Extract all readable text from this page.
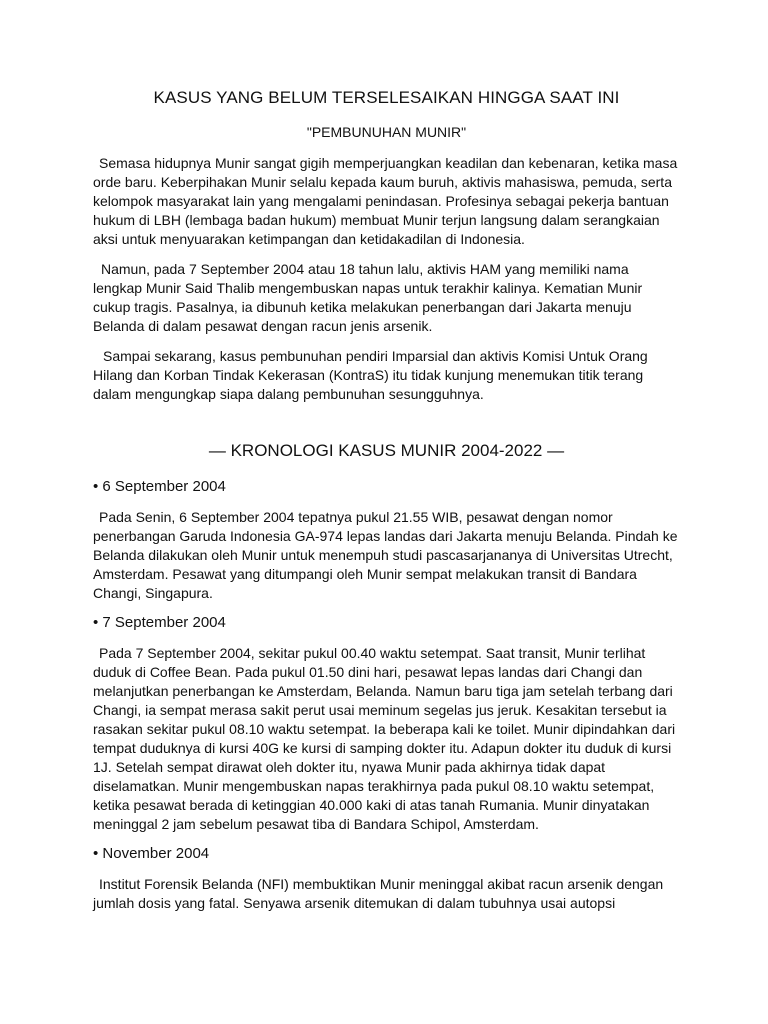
KASUS YANG BELUM TERSELESAIKAN HINGGA SAAT INI
"PEMBUNUHAN MUNIR"

Semasa hidupnya Munir sangat gigih memperjuangkan keadilan dan kebenaran, ketika masa orde baru. Keberpihakan Munir selalu kepada kaum buruh, aktivis mahasiswa, pemuda, serta kelompok masyarakat lain yang mengalami penindasan. Profesinya sebagai pekerja bantuan hukum di LBH (lembaga badan hukum) membuat Munir terjun langsung dalam serangkaian aksi untuk menyuarakan ketimpangan dan ketidakadilan di Indonesia.

Namun, pada 7 September 2004 atau 18 tahun lalu, aktivis HAM yang memiliki nama lengkap Munir Said Thalib mengembuskan napas untuk terakhir kalinya. Kematian Munir cukup tragis. Pasalnya, ia dibunuh ketika melakukan penerbangan dari Jakarta menuju Belanda di dalam pesawat dengan racun jenis arsenik.

Sampai sekarang, kasus pembunuhan pendiri Imparsial dan aktivis Komisi Untuk Orang Hilang dan Korban Tindak Kekerasan (KontraS) itu tidak kunjung menemukan titik terang dalam mengungkap siapa dalang pembunuhan sesungguhnya.

— KRONOLOGI KASUS MUNIR 2004-2022 —
• 6 September 2004

Pada Senin, 6 September 2004 tepatnya pukul 21.55 WIB, pesawat dengan nomor penerbangan Garuda Indonesia GA-974 lepas landas dari Jakarta menuju Belanda. Pindah ke Belanda dilakukan oleh Munir untuk menempuh studi pascasarjananya di Universitas Utrecht, Amsterdam. Pesawat yang ditumpangi oleh Munir sempat melakukan transit di Bandara Changi, Singapura.

• 7 September 2004

Pada 7 September 2004, sekitar pukul 00.40 waktu setempat. Saat transit, Munir terlihat duduk di Coffee Bean. Pada pukul 01.50 dini hari, pesawat lepas landas dari Changi dan melanjutkan penerbangan ke Amsterdam, Belanda. Namun baru tiga jam setelah terbang dari Changi, ia sempat merasa sakit perut usai meminum segelas jus jeruk. Kesakitan tersebut ia rasakan sekitar pukul 08.10 waktu setempat. Ia beberapa kali ke toilet. Munir dipindahkan dari tempat duduknya di kursi 40G ke kursi di samping dokter itu. Adapun dokter itu duduk di kursi 1J. Setelah sempat dirawat oleh dokter itu, nyawa Munir pada akhirnya tidak dapat diselamatkan. Munir mengembuskan napas terakhirnya pada pukul 08.10 waktu setempat, ketika pesawat berada di ketinggian 40.000 kaki di atas tanah Rumania. Munir dinyatakan meninggal 2 jam sebelum pesawat tiba di Bandara Schipol, Amsterdam.

• November 2004

Institut Forensik Belanda (NFI) membuktikan Munir meninggal akibat racun arsenik dengan jumlah dosis yang fatal. Senyawa arsenik ditemukan di dalam tubuhnya usai autopsi
